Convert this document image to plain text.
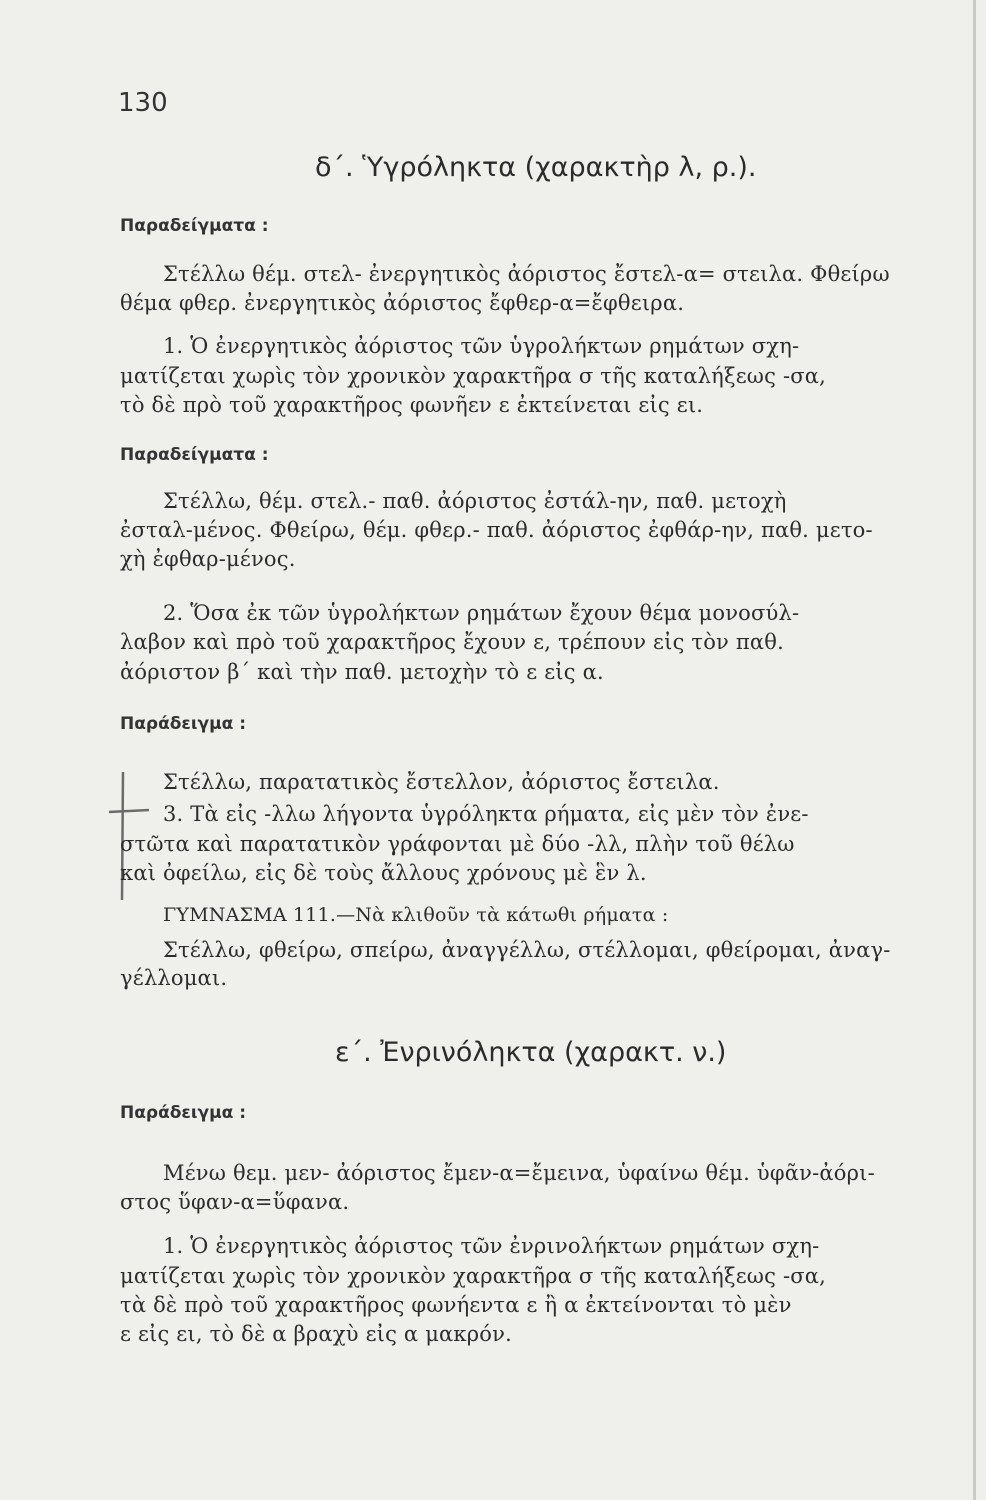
130
δ΄. Ὑγρόληκτα (χαρακτὴρ λ, ρ.).
Παραδείγματα :
Στέλλω θέμ. στελ- ἐνεργητικὸς ἀόριστος ἔστελ-α= στειλα. Φθείρω
θέμα φθερ. ἐνεργητικὸς ἀόριστος ἔφθερ-α=ἔφθειρα.
1. Ὁ ἐνεργητικὸς ἀόριστος τῶν ὑγρολήκτων ρημάτων σχη-
ματίζεται χωρὶς τὸν χρονικὸν χαρακτῆρα σ τῆς καταλήξεως -σα,
τὸ δὲ πρὸ τοῦ χαρακτῆρος φωνῆεν ε ἐκτείνεται εἰς ει.
Παραδείγματα :
Στέλλω, θέμ. στελ.- παθ. ἀόριστος ἐστάλ-ην, παθ. μετοχὴ
ἐσταλ-μένος. Φθείρω, θέμ. φθερ.- παθ. ἀόριστος ἐφθάρ-ην, παθ. μετο-
χὴ ἐφθαρ-μένος.
2. Ὅσα ἐκ τῶν ὑγρολήκτων ρημάτων ἔχουν θέμα μονοσύλ-
λαβον καὶ πρὸ τοῦ χαρακτῆρος ἔχουν ε, τρέπουν εἰς τὸν παθ.
ἀόριστον β΄ καὶ τὴν παθ. μετοχὴν τὸ ε εἰς α.
Παράδειγμα :
Στέλλω, παρατατικὸς ἔστελλον, ἀόριστος ἔστειλα.
3. Τὰ εἰς -λλω λήγοντα ὑγρόληκτα ρήματα, εἰς μὲν τὸν ἐνε-
στῶτα καὶ παρατατικὸν γράφονται μὲ δύο -λλ, πλὴν τοῦ θέλω
καὶ ὀφείλω, εἰς δὲ τοὺς ἄλλους χρόνους μὲ ἓν λ.
ΓΥΜΝΑΣΜΑ 111.—Νὰ κλιθοῦν τὰ κάτωθι ρήματα :
Στέλλω, φθείρω, σπείρω, ἀναγγέλλω, στέλλομαι, φθείρομαι, ἀναγ-
γέλλομαι.
ε΄. Ἐνρινόληκτα (χαρακτ. ν.)
Παράδειγμα :
Μένω θεμ. μεν- ἀόριστος ἔμεν-α=ἔμεινα, ὑφαίνω θέμ. ὑφᾶν-ἀόρι-
στος ὕφαν-α=ὕφανα.
1. Ὁ ἐνεργητικὸς ἀόριστος τῶν ἐνρινολήκτων ρημάτων σχη-
ματίζεται χωρὶς τὸν χρονικὸν χαρακτῆρα σ τῆς καταλήξεως -σα,
τὰ δὲ πρὸ τοῦ χαρακτῆρος φωνήεντα ε ἢ α ἐκτείνονται τὸ μὲν
ε εἰς ει, τὸ δὲ α βραχὺ εἰς α μακρόν.
